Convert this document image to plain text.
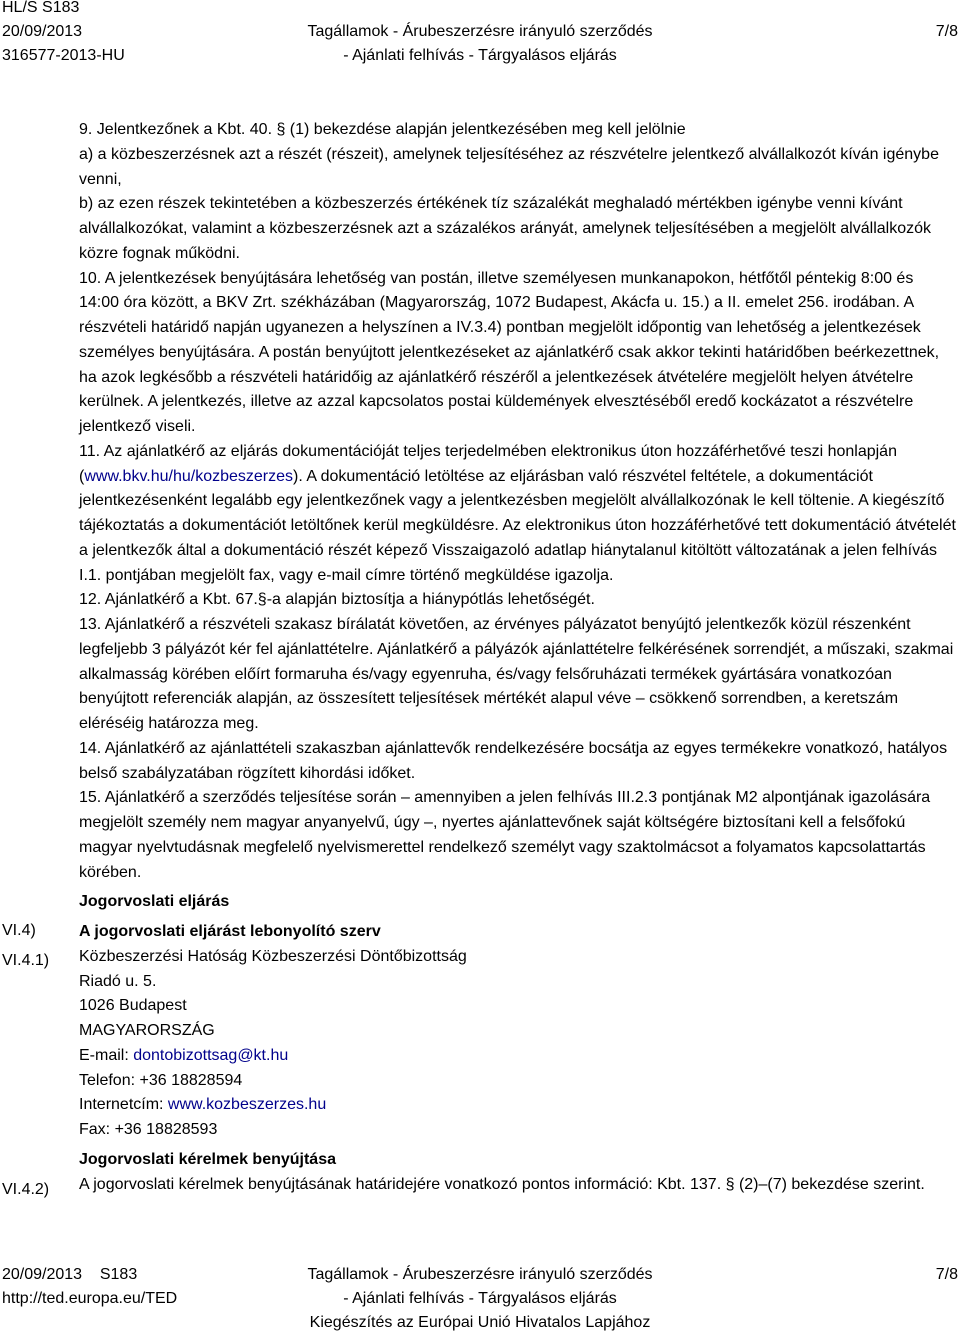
HL/S S183
20/09/2013
316577-2013-HU
Tagállamok - Árubeszerzésre irányuló szerződés
- Ajánlati felhívás - Tárgyalásos eljárás
7/8
VI.4)
VI.4.1)
VI.4.2)

9. Jelentkezőnek a Kbt. 40. § (1) bekezdése alapján jelentkezésében meg kell jelölnie

a) a közbeszerzésnek azt a részét (részeit), amelynek teljesítéséhez az részvételre jelentkező alvállalkozót kíván igénybe venni,

b) az ezen részek tekintetében a közbeszerzés értékének tíz százalékát meghaladó mértékben igénybe venni kívánt alvállalkozókat, valamint a közbeszerzésnek azt a százalékos arányát, amelynek teljesítésében a megjelölt alvállalkozók közre fognak működni.

10. A jelentkezések benyújtására lehetőség van postán, illetve személyesen munkanapokon, hétfőtől péntekig 8:00 és 14:00 óra között, a BKV Zrt. székházában (Magyarország, 1072 Budapest, Akácfa u. 15.) a II. emelet 256. irodában. A részvételi határidő napján ugyanezen a helyszínen a IV.3.4) pontban megjelölt időpontig van lehetőség a jelentkezések személyes benyújtására. A postán benyújtott jelentkezéseket az ajánlatkérő csak akkor tekinti határidőben beérkezettnek, ha azok legkésőbb a részvételi határidőig az ajánlatkérő részéről a jelentkezések átvételére megjelölt helyen átvételre kerülnek. A jelentkezés, illetve az azzal kapcsolatos postai küldemények elvesztéséből eredő kockázatot a részvételre jelentkező viseli.

11. Az ajánlatkérő az eljárás dokumentációját teljes terjedelmében elektronikus úton hozzáférhetővé teszi honlapján (www.bkv.hu/hu/kozbeszerzes). A dokumentáció letöltése az eljárásban való részvétel feltétele, a dokumentációt jelentkezésenként legalább egy jelentkezőnek vagy a jelentkezésben megjelölt alvállalkozónak le kell töltenie. A kiegészítő tájékoztatás a dokumentációt letöltőnek kerül megküldésre. Az elektronikus úton hozzáférhetővé tett dokumentáció átvételét a jelentkezők által a dokumentáció részét képező Visszaigazoló adatlap hiánytalanul kitöltött változatának a jelen felhívás I.1. pontjában megjelölt fax, vagy e-mail címre történő megküldése igazolja.

12. Ajánlatkérő a Kbt. 67.§-a alapján biztosítja a hiánypótlás lehetőségét.

13. Ajánlatkérő a részvételi szakasz bírálatát követően, az érvényes pályázatot benyújtó jelentkezők közül részenként legfeljebb 3 pályázót kér fel ajánlattételre. Ajánlatkérő a pályázók ajánlattételre felkérésének sorrendjét, a műszaki, szakmai alkalmasság körében előírt formaruha és/vagy egyenruha, és/vagy felsőruházati termékek gyártására vonatkozóan benyújtott referenciák alapján, az összesített teljesítések mértékét alapul véve – csökkenő sorrendben, a keretszám eléréséig határozza meg.

14. Ajánlatkérő az ajánlattételi szakaszban ajánlattevők rendelkezésére bocsátja az egyes termékekre vonatkozó, hatályos belső szabályzatában rögzített kihordási időket.

15. Ajánlatkérő a szerződés teljesítése során – amennyiben a jelen felhívás III.2.3 pontjának M2 alpontjának igazolására megjelölt személy nem magyar anyanyelvű, úgy –, nyertes ajánlattevőnek saját költségére biztosítani kell a felsőfokú magyar nyelvtudásnak megfelelő nyelvismerettel rendelkező személyt vagy szaktolmácsot a folyamatos kapcsolattartás körében.

Jogorvoslati eljárás

A jogorvoslati eljárást lebonyolító szerv

Közbeszerzési Hatóság Közbeszerzési Döntőbizottság

Riadó u. 5.

1026 Budapest

MAGYARORSZÁG

E-mail: dontobizottsag@kt.hu

Telefon: +36 18828594

Internetcím: www.kozbeszerzes.hu

Fax: +36 18828593

Jogorvoslati kérelmek benyújtása

A jogorvoslati kérelmek benyújtásának határidejére vonatkozó pontos információ: Kbt. 137. § (2)–(7) bekezdése szerint.

20/09/2013    S183
http://ted.europa.eu/TED
Tagállamok - Árubeszerzésre irányuló szerződés
- Ajánlati felhívás - Tárgyalásos eljárás
Kiegészítés az Európai Unió Hivatalos Lapjához
7/8
